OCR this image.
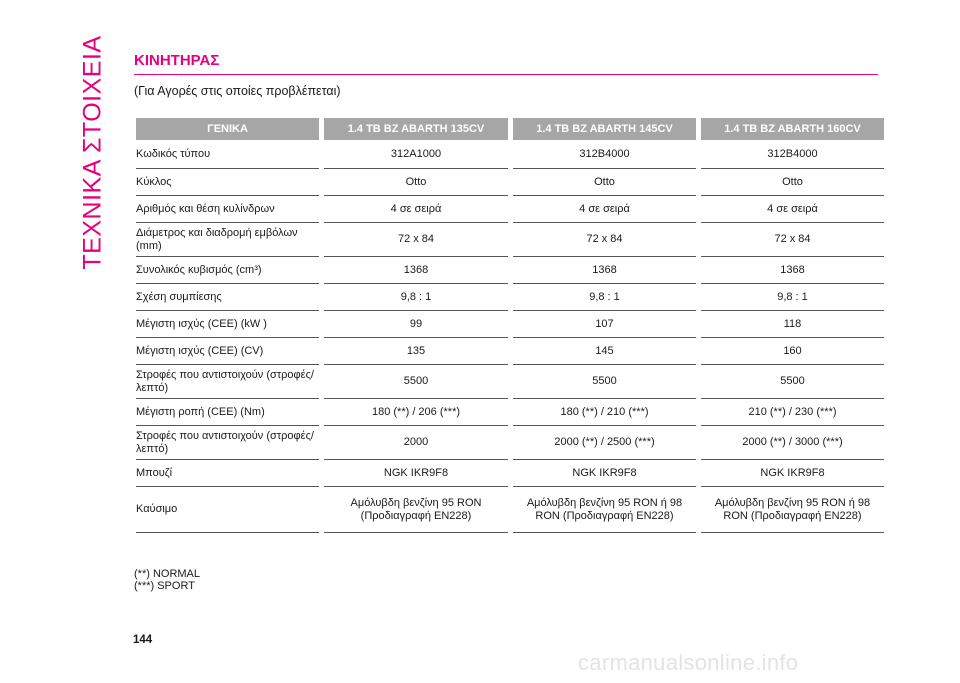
ΤΕΧΝΙΚΑ ΣΤΟΙΧΕΙΑ ΚΙΝΗΤΗΡΑΣ
(Για Αγορές στις οποίες προβλέπεται)
ΓΕΝΙΚΑ	1.4 TB BZ ABARTH 135CV	1.4 TB BZ ABARTH 145CV	1.4 TB BZ ABARTH 160CV
Κωδικός τύπου	312A1000	312B4000	312B4000
Κύκλος	Otto	Otto	Otto
Αριθμός και θέση κυλίνδρων	4 σε σειρά	4 σε σειρά	4 σε σειρά
Διάμετρος και διαδρομή εμβόλων (mm)	72 x 84	72 x 84	72 x 84
Συνολικός κυβισμός (cm³)	1368	1368	1368
Σχέση συμπίεσης	9,8 : 1	9,8 : 1	9,8 : 1
Μέγιστη ισχύς (CEE) (kW )	99	107	118
Μέγιστη ισχύς (CEE) (CV)	135	145	160
Στροφές που αντιστοιχούν (στροφές/λεπτό)	5500	5500	5500
Μέγιστη ροπή (CEE) (Nm)	180 (**) / 206 (***)	180 (**) / 210 (***)	210 (**) / 230 (***)
Στροφές που αντιστοιχούν (στροφές/λεπτό)	2000	2000 (**) / 2500 (***)	2000 (**) / 3000 (***)
Μπουζί	NGK IKR9F8	NGK IKR9F8	NGK IKR9F8
Καύσιμο	Αμόλυβδη βενζίνη 95 RON (Προδιαγραφή EN228)	Αμόλυβδη βενζίνη 95 RON ή 98 RON (Προδιαγραφή EN228)	Αμόλυβδη βενζίνη 95 RON ή 98 RON (Προδιαγραφή EN228)
(**) NORMAL
(***) SPORT
144
carmanualsonline.info
